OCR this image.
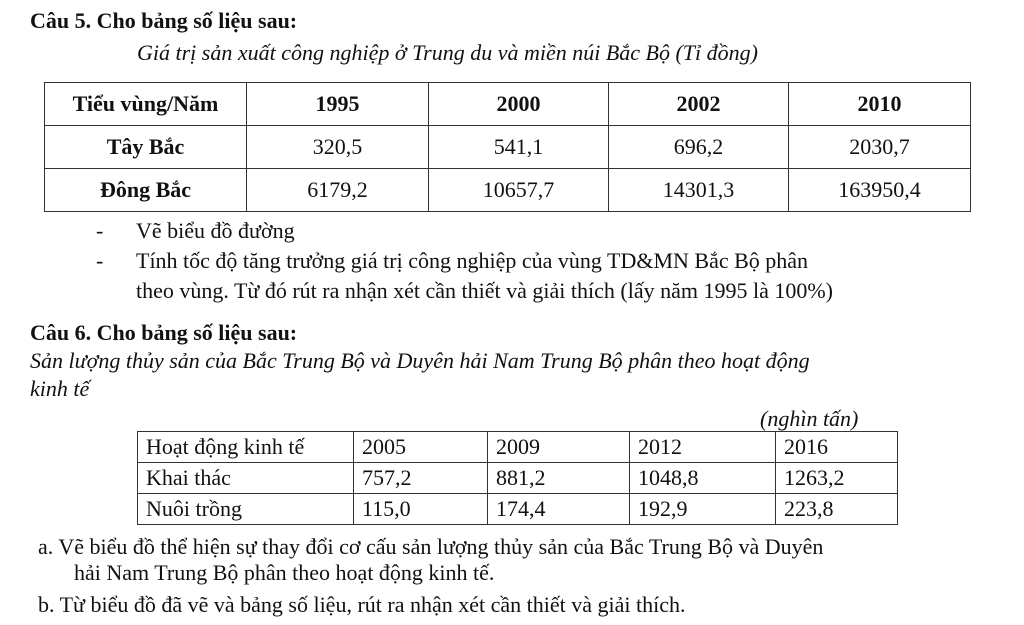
Câu 5. Cho bảng số liệu sau:
Giá trị sản xuất công nghiệp ở Trung du và miền núi Bắc Bộ (Tỉ đồng)
Tiểu vùng/Năm	1995	2000	2002	2010
Tây Bắc	320,5	541,1	696,2	2030,7
Đông Bắc	6179,2	10657,7	14301,3	163950,4
- Vẽ biểu đồ đường
- Tính tốc độ tăng trưởng giá trị công nghiệp của vùng TD&MN Bắc Bộ phân
theo vùng. Từ đó rút ra nhận xét cần thiết và giải thích (lấy năm 1995 là 100%)
Câu 6. Cho bảng số liệu sau:
Sản lượng thủy sản của Bắc Trung Bộ và Duyên hải Nam Trung Bộ phân theo hoạt động
kinh tế
(nghìn tấn)
Hoạt động kinh tế	2005	2009	2012	2016
Khai thác	757,2	881,2	1048,8	1263,2
Nuôi trồng	115,0	174,4	192,9	223,8
a. Vẽ biểu đồ thể hiện sự thay đổi cơ cấu sản lượng thủy sản của Bắc Trung Bộ và Duyên
hải Nam Trung Bộ phân theo hoạt động kinh tế.
b. Từ biểu đồ đã vẽ và bảng số liệu, rút ra nhận xét cần thiết và giải thích.
